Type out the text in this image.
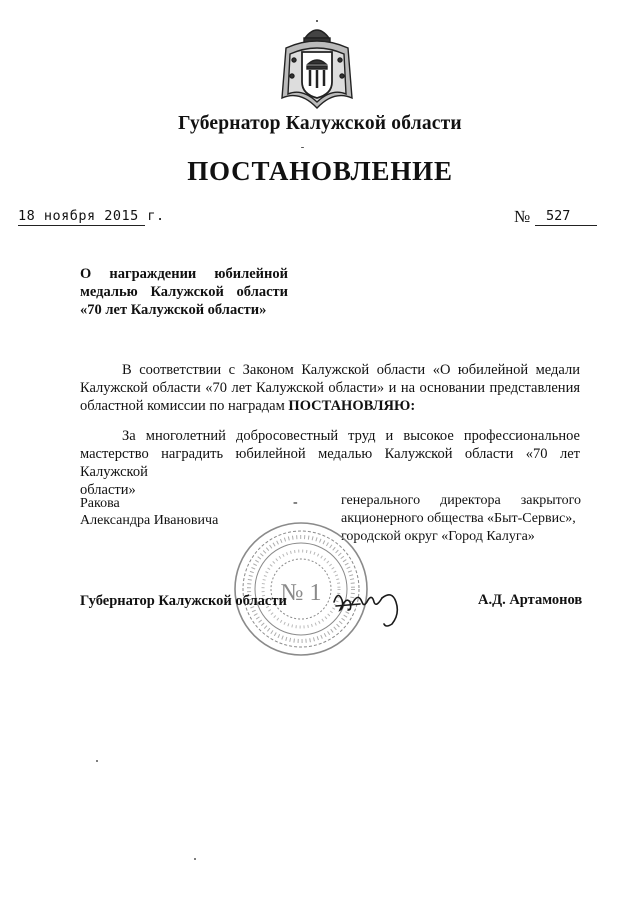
Губернатор Калужской области
ПОСТАНОВЛЕНИЕ
18 ноября 2015 г.	№ 527
О награждении юбилейной
медалью Калужской области
«70 лет Калужской области»
В соответствии с Законом Калужской области «О юбилейной медали
Калужской области «70 лет Калужской области» и на основании представления
областной комиссии по наградам ПОСТАНОВЛЯЮ:
За многолетний добросовестный труд и высокое профессиональное
мастерство наградить юбилейной медалью Калужской области «70 лет Калужской
области»
Ракова
Александра Ивановича
-	генерального директора закрытого
акционерного общества «Быт-Сервис»,
городской округ «Город Калуга»
№ 1
Губернатор Калужской области	А.Д. Артамонов
